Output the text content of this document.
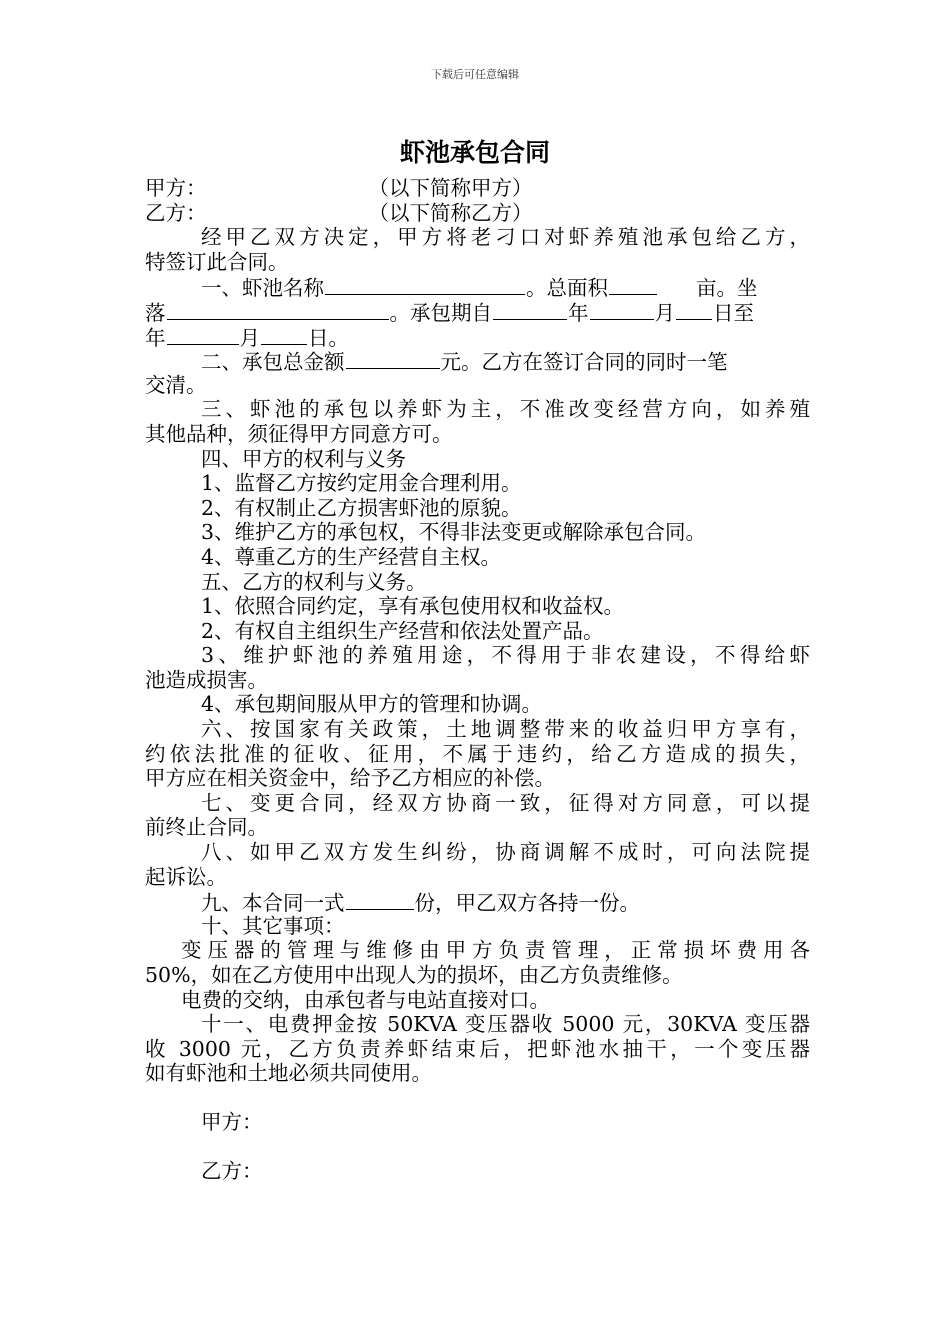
下载后可任意编辑
虾池承包合同
甲方：	（以下简称甲方）
乙方：	（以下简称乙方）
经甲乙双方决定，甲方将老刁口对虾养殖池承包给乙方，
特签订此合同。
一、虾池名称	。总面积	亩。坐
落	。承包期自	年	月 日至
年	月 日。
二、承包总金额	元。乙方在签订合同的同时一笔
交清。
三、虾池的承包以养虾为主，不准改变经营方向，如养殖
其他品种，须征得甲方同意方可。
四、甲方的权利与义务
1、监督乙方按约定用金合理利用。
2、有权制止乙方损害虾池的原貌。
3、维护乙方的承包权，不得非法变更或解除承包合同。
4、尊重乙方的生产经营自主权。
五、乙方的权利与义务。
1、依照合同约定，享有承包使用权和收益权。
2、有权自主组织生产经营和依法处置产品。
3、维护虾池的养殖用途，不得用于非农建设，不得给虾
池造成损害。
4、承包期间服从甲方的管理和协调。
六、按国家有关政策，土地调整带来的收益归甲方享有，
约依法批准的征收、征用，不属于违约，给乙方造成的损失，
甲方应在相关资金中，给予乙方相应的补偿。
七、变更合同，经双方协商一致，征得对方同意，可以提
前终止合同。
八、如甲乙双方发生纠纷，协商调解不成时，可向法院提
起诉讼。
九、本合同一式	份，甲乙双方各持一份。
十、其它事项：
变压器的管理与维修由甲方负责管理，正常损坏费用各
50%，如在乙方使用中出现人为的损坏，由乙方负责维修。
电费的交纳，由承包者与电站直接对口。
十一、电费押金按 50KVA 变压器收 5000 元，30KVA 变压器
收 3000 元，乙方负责养虾结束后，把虾池水抽干，一个变压器
如有虾池和土地必须共同使用。
甲方：
乙方：
